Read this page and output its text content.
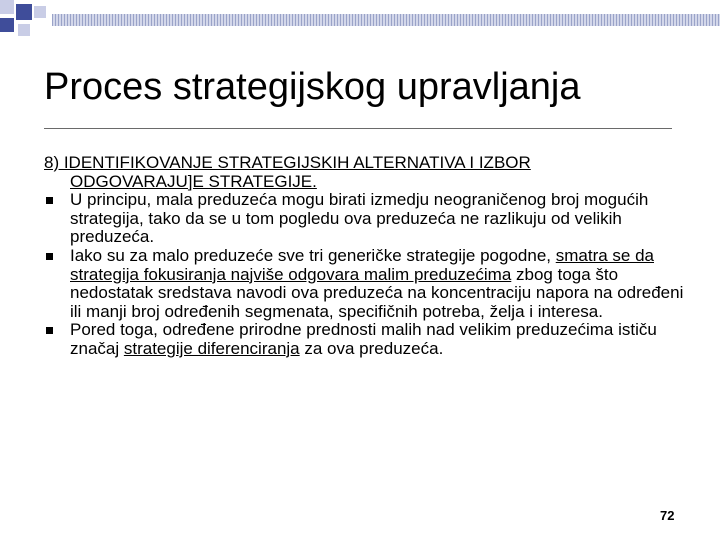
Proces strategijskog upravljanja
8) IDENTIFIKOVANJE STRATEGIJSKIH ALTERNATIVA I IZBOR
ODGOVARAJU]E STRATEGIJE.
U principu, mala preduzeća mogu birati izmedju neograničenog broj mogućih strategija, tako da se u tom pogledu ova preduzeća ne razlikuju od velikih preduzeća.
Iako su za malo preduzeće sve tri generičke strategije pogodne, smatra se da strategija fokusiranja najviše odgovara malim preduzećima zbog toga što nedostatak sredstava navodi ova preduzeća na koncentraciju napora na određeni ili manji broj određenih segmenata, specifičnih potreba, želja i interesa.
Pored toga, određene prirodne prednosti malih nad velikim preduzećima ističu značaj strategije diferenciranja za ova preduzeća.
72
